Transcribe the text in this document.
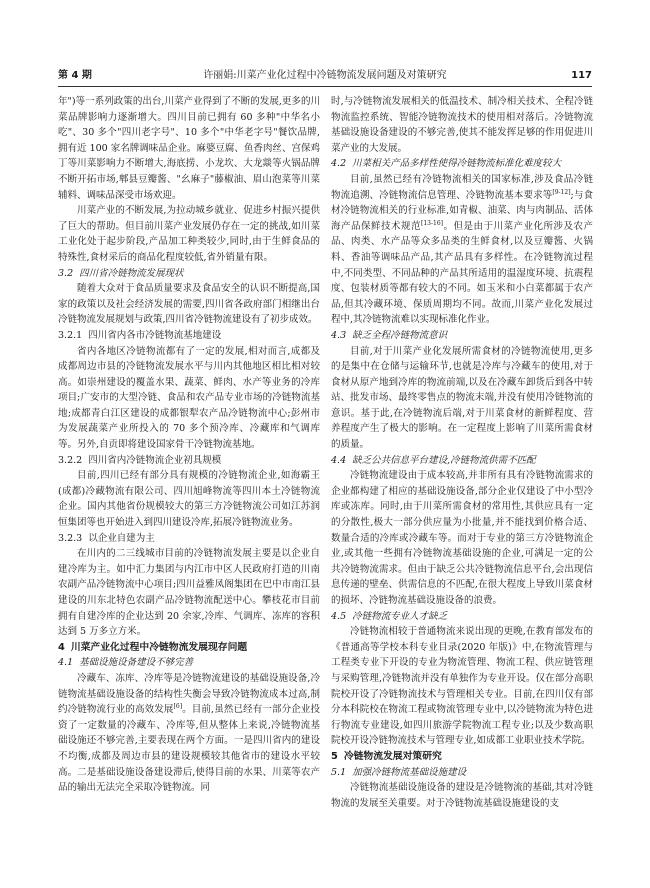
第 4 期	许丽娟:川菜产业化过程中冷链物流发展问题及对策研究	117

年")等一系列政策的出台,川菜产业得到了不断的发展,更多的川菜品牌影响力逐渐增大。四川目前已拥有 60 多种"中华名小吃"、30 多个"四川老字号"、10 多个"中华老字号"餐饮品牌,拥有近 100 家名牌调味品企业。麻婆豆腐、鱼香肉丝、宫保鸡丁等川菜影响力不断增大,海底捞、小龙坎、大龙燚等火锅品牌不断开拓市场,郫县豆瓣酱、"幺麻子"藤椒油、眉山泡菜等川菜辅料、调味品深受市场欢迎。

川菜产业的不断发展,为拉动城乡就业、促进乡村振兴提供了巨大的帮助。但目前川菜产业发展仍存在一定的挑战,如川菜工业化处于起步阶段,产品加工种类较少,同时,由于生鲜食品的特殊性,食材采后的商品化程度较低,省外销量有限。

3.2 四川省冷链物流发展现状

随着大众对于食品质量要求及食品安全的认识不断提高,国家的政策以及社会经济发展的需要,四川省各政府部门相继出台冷链物流发展规划与政策,四川省冷链物流建设有了初步成效。

3.2.1 四川省内各市冷链物流基地建设

省内各地区冷链物流都有了一定的发展,相对而言,成都及成都周边市县的冷链物流发展水平与川内其他地区相比相对较高。如崇州建设的覆盖水果、蔬菜、鲜肉、水产等业务的冷库项目;广安市的大型冷链、食品和农产品专业市场的冷链物流基地;成都青白江区建设的成都银犁农产品冷链物流中心;彭州市为发展蔬菜产业所投入的 70 多个预冷库、冷藏库和气调库等。另外,自贡即将建设国家骨干冷链物流基地。

3.2.2 四川省内冷链物流企业初具规模

目前,四川已经有部分具有规模的冷链物流企业,如海霸王(成都)冷藏物流有限公司、四川旭峰物流等四川本土冷链物流企业。国内其他省份规模较大的第三方冷链物流公司如江苏润恒集团等也开始进入到四川建设冷库,拓展冷链物流业务。

3.2.3 以企业自建为主

在川内的二三线城市目前的冷链物流发展主要是以企业自建冷库为主。如中汇力集团与内江市中区人民政府打造的川南农副产品冷链物流中心项目;四川益雅凤阁集团在巴中市南江县建设的川东北特色农副产品冷链物流配送中心。攀枝花市目前拥有自建冷库的企业达到 20 余家,冷库、气调库、冻库的容积达到 5 万多立方米。

4 川菜产业化过程中冷链物流发展现存问题
4.1 基础设施设备建设不够完善

冷藏车、冻库、冷库等是冷链物流建设的基础设施设备,冷链物流基础设施设备的结构性失衡会导致冷链物流成本过高,制约冷链物流行业的高效发展[6]。目前,虽然已经有一部分企业投资了一定数量的冷藏车、冷库等,但从整体上来说,冷链物流基础设施还不够完善,主要表现在两个方面。一是四川省内的建设不均衡,成都及周边市县的建设规模较其他省市的建设水平较高。二是基础设施设备建设滞后,使得目前的水果、川菜等农产品的输出无法完全采取冷链物流。同

时,与冷链物流发展相关的低温技术、制冷相关技术、全程冷链物流监控系统、智能冷链物流技术的使用相对落后。冷链物流基础设施设备建设的不够完善,使其不能发挥足够的作用促进川菜产业的大发展。

4.2 川菜相关产品多样性使得冷链物流标准化难度较大

目前,虽然已经有冷链物流相关的国家标准,涉及食品冷链物流追溯、冷链物流信息管理、冷链物流基本要求等[9-12];与食材冷链物流相关的行业标准,如青椒、油菜、肉与肉制品、活体海产品保鲜技术规范[13-16]。但是由于川菜产业化所涉及农产品、肉类、水产品等众多品类的生鲜食材,以及豆瓣酱、火锅料、香油等调味品产品,其产品具有多样性。在冷链物流过程中,不同类型、不同品种的产品其所适用的温湿度环境、抗震程度、包装材质等都有较大的不同。如玉米和小白菜都属于农产品,但其冷藏环境、保质周期均不同。故而,川菜产业化发展过程中,其冷链物流难以实现标准化作业。

4.3 缺乏全程冷链物流意识

目前,对于川菜产业化发展所需食材的冷链物流使用,更多的是集中在仓储与运输环节,也就是冷库与冷藏车的使用,对于食材从原产地到冷库的物流前端,以及在冷藏车卸货后到各中转站、批发市场、最终零售点的物流末端,并没有使用冷链物流的意识。基于此,在冷链物流后端,对于川菜食材的新鲜程度、营养程度产生了极大的影响。在一定程度上影响了川菜所需食材的质量。

4.4 缺乏公共信息平台建设,冷链物流供需不匹配

冷链物流建设由于成本较高,并非所有具有冷链物流需求的企业都构建了相应的基础设施设备,部分企业仅建设了中小型冷库或冻库。同时,由于川菜所需食材的常用性,其供应具有一定的分散性,极大一部分供应量为小批量,并不能找到价格合适、数量合适的冷库或冷藏车等。而对于专业的第三方冷链物流企业,或其他一些拥有冷链物流基础设施的企业,可满足一定的公共冷链物流需求。但由于缺乏公共冷链物流信息平台,会出现信息传递的壁垒、供需信息的不匹配,在很大程度上导致川菜食材的损坏、冷链物流基础设施设备的浪费。

4.5 冷链物流专业人才缺乏

冷链物流相较于普通物流来说出现的更晚,在教育部发布的《普通高等学校本科专业目录(2020 年版)》中,在物流管理与工程类专业下开设的专业为物流管理、物流工程、供应链管理与采购管理,冷链物流并没有单独作为专业开设。仅在部分高职院校开设了冷链物流技术与管理相关专业。目前,在四川仅有部分本科院校在物流工程或物流管理专业中,以冷链物流为特色进行物流专业建设,如四川旅游学院物流工程专业;以及少数高职院校开设冷链物流技术与管理专业,如成都工业职业技术学院。

5 冷链物流发展对策研究
5.1 加强冷链物流基础设施建设

冷链物流基础设施设备的建设是冷链物流的基础,其对冷链物流的发展至关重要。对于冷链物流基础设施建设的支
